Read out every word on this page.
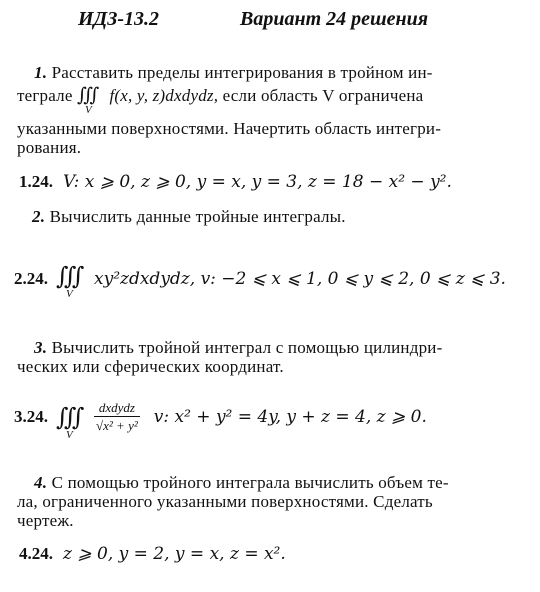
ИДЗ-13.2	Вариант 24 решения
1. Расставить пределы интегрирования в тройном ин-
теграле ∭
V
f(x, y, z)dxdydz, если область V ограничена
указанными поверхностями. Начертить область интегри-
рования.
1.24. V: x ⩾ 0, z ⩾ 0, y = x, y = 3, z = 18 − x² − y².
2. Вычислить данные тройные интегралы.
2.24. ∭
V
xy²zdxdydz, v: −2 ⩽ x ⩽ 1, 0 ⩽ y ⩽ 2, 0 ⩽ z ⩽ 3.
3. Вычислить тройной интеграл с помощью цилиндри-
ческих или сферических координат.
3.24. ∭
V

$\frac{\text{dxdydz}}{\text{√x² + y²}} v$: x² + y² = 4y, y + z = 4, z ⩾ 0.
4. С помощью тройного интеграла вычислить объем те-
ла, ограниченного указанными поверхностями. Сделать
чертеж.
4.24. z ⩾ 0, y = 2, y = x, z = x².
